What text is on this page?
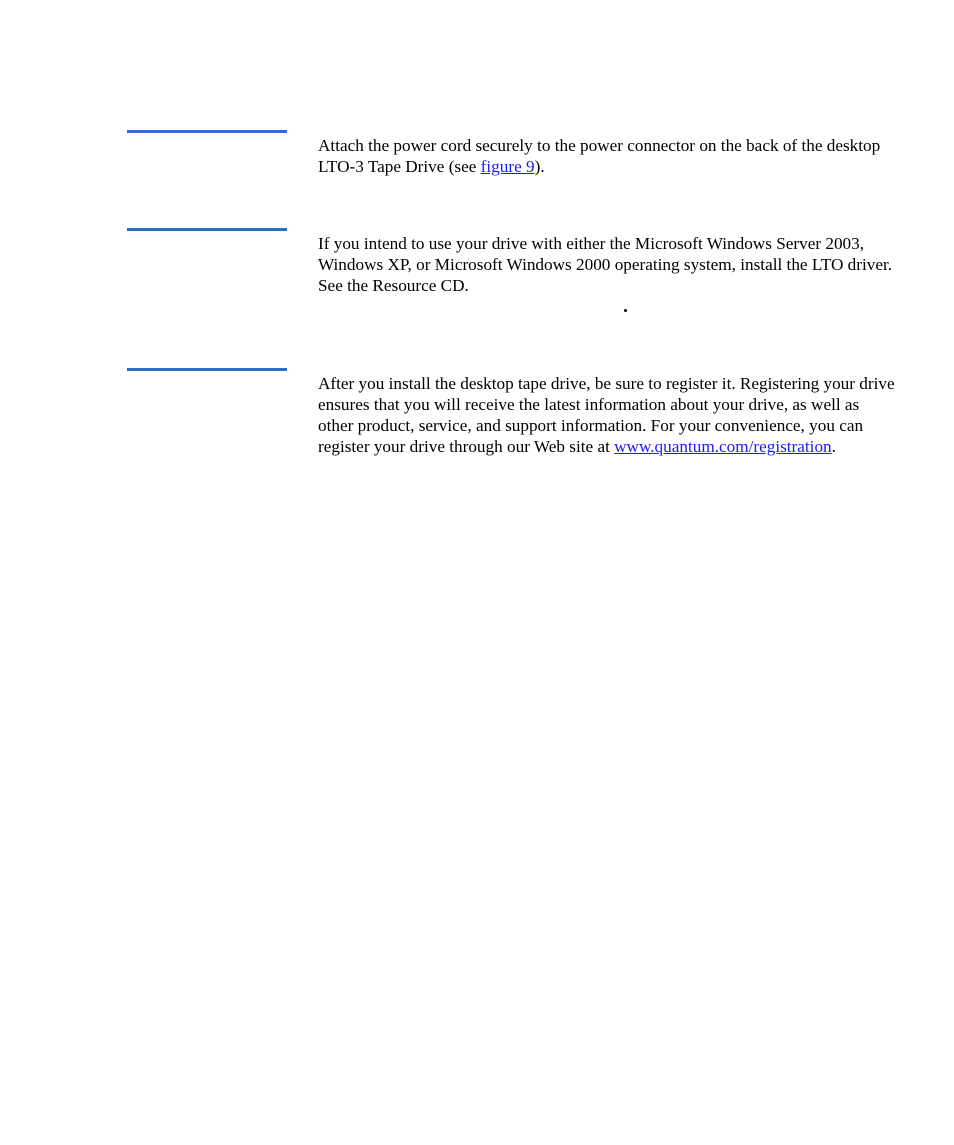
Attach the power cord securely to the power connector on the back of the desktop LTO-3 Tape Drive (see figure 9).

If you intend to use your drive with either the Microsoft Windows Server 2003, Windows XP, or Microsoft Windows 2000 operating system, install the LTO driver. See the Resource CD.

After you install the desktop tape drive, be sure to register it. Registering your drive ensures that you will receive the latest information about your drive, as well as other product, service, and support information. For your convenience, you can register your drive through our Web site at www.quantum.com/registration.
